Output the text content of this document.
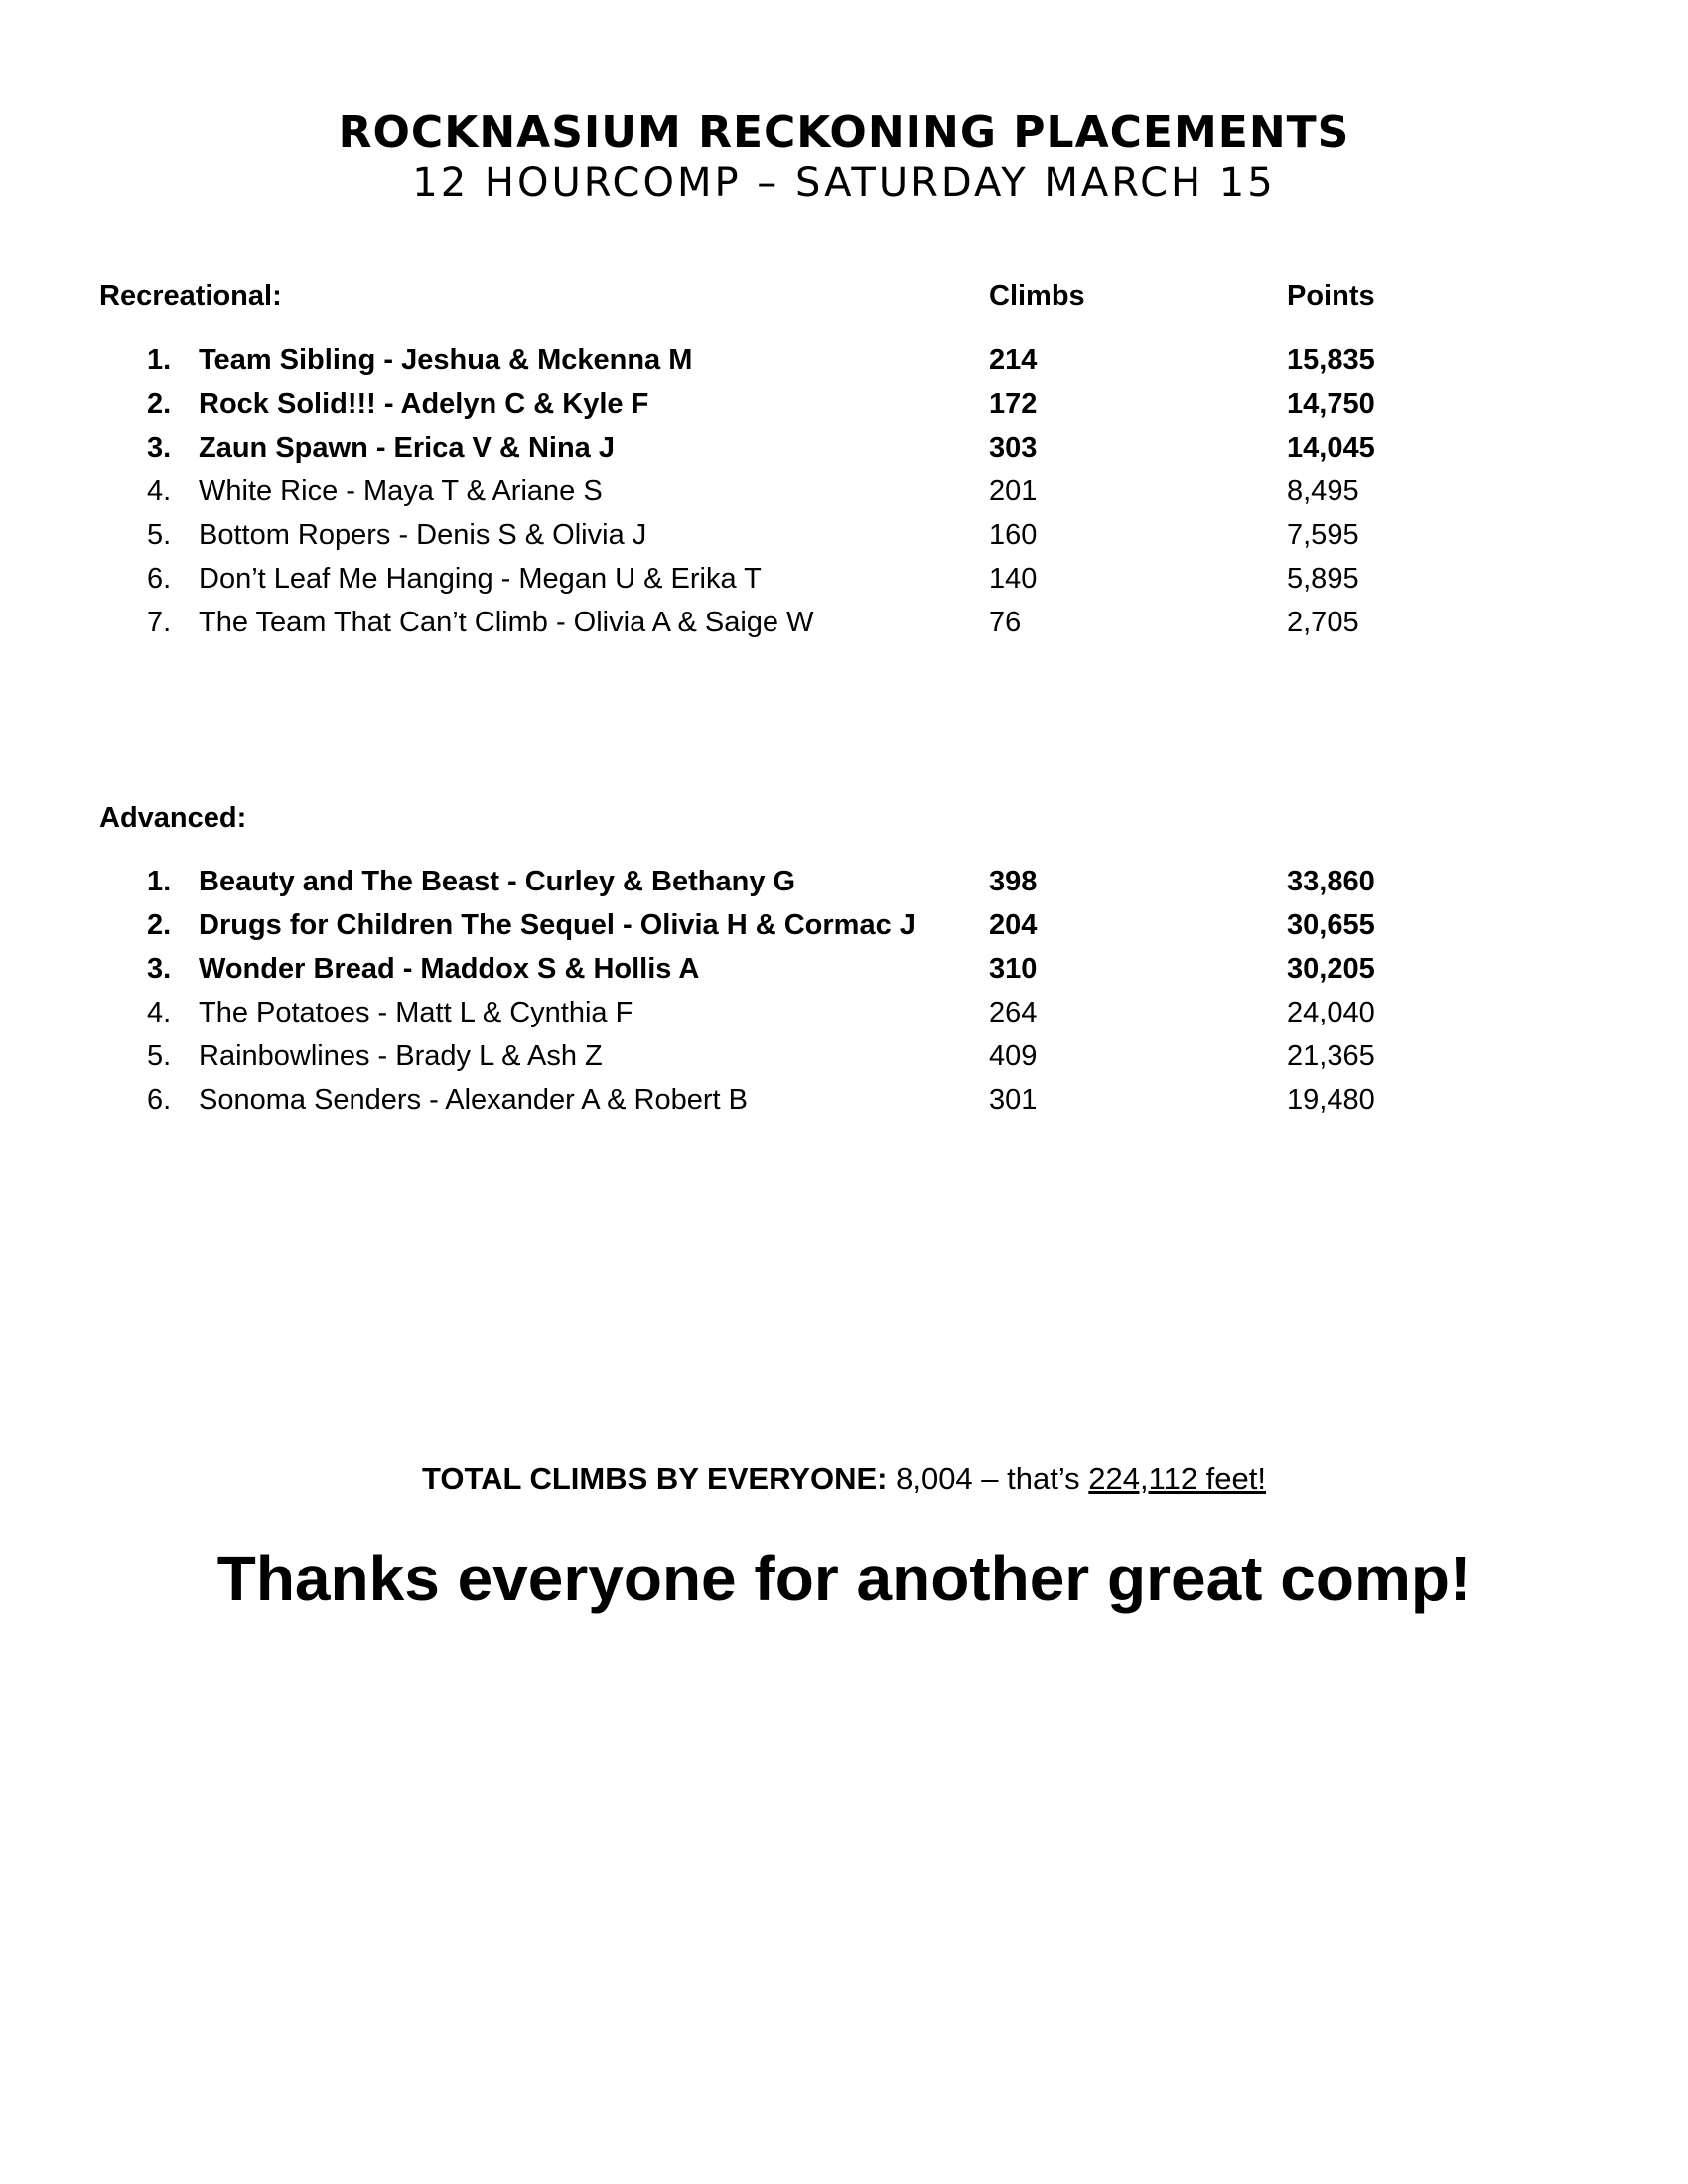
ROCKNASIUM RECKONING PLACEMENTS
12 HOURCOMP – SATURDAY MARCH 15
Recreational:	Climbs	Points
1. Team Sibling - Jeshua & Mckenna M	214	15,835
2. Rock Solid!!! - Adelyn C & Kyle F	172	14,750
3. Zaun Spawn - Erica V & Nina J	303	14,045
4. White Rice - Maya T & Ariane S	201	8,495
5. Bottom Ropers - Denis S & Olivia J	160	7,595
6. Don’t Leaf Me Hanging - Megan U & Erika T	140	5,895
7. The Team That Can’t Climb - Olivia A & Saige W	76	2,705
Advanced:
1. Beauty and The Beast - Curley & Bethany G	398	33,860
2. Drugs for Children The Sequel - Olivia H & Cormac J	204	30,655
3. Wonder Bread - Maddox S & Hollis A	310	30,205
4. The Potatoes - Matt L & Cynthia F	264	24,040
5. Rainbowlines - Brady L & Ash Z	409	21,365
6. Sonoma Senders - Alexander A & Robert B	301	19,480
TOTAL CLIMBS BY EVERYONE: 8,004 – that’s 224,112 feet!
Thanks everyone for another great comp!
